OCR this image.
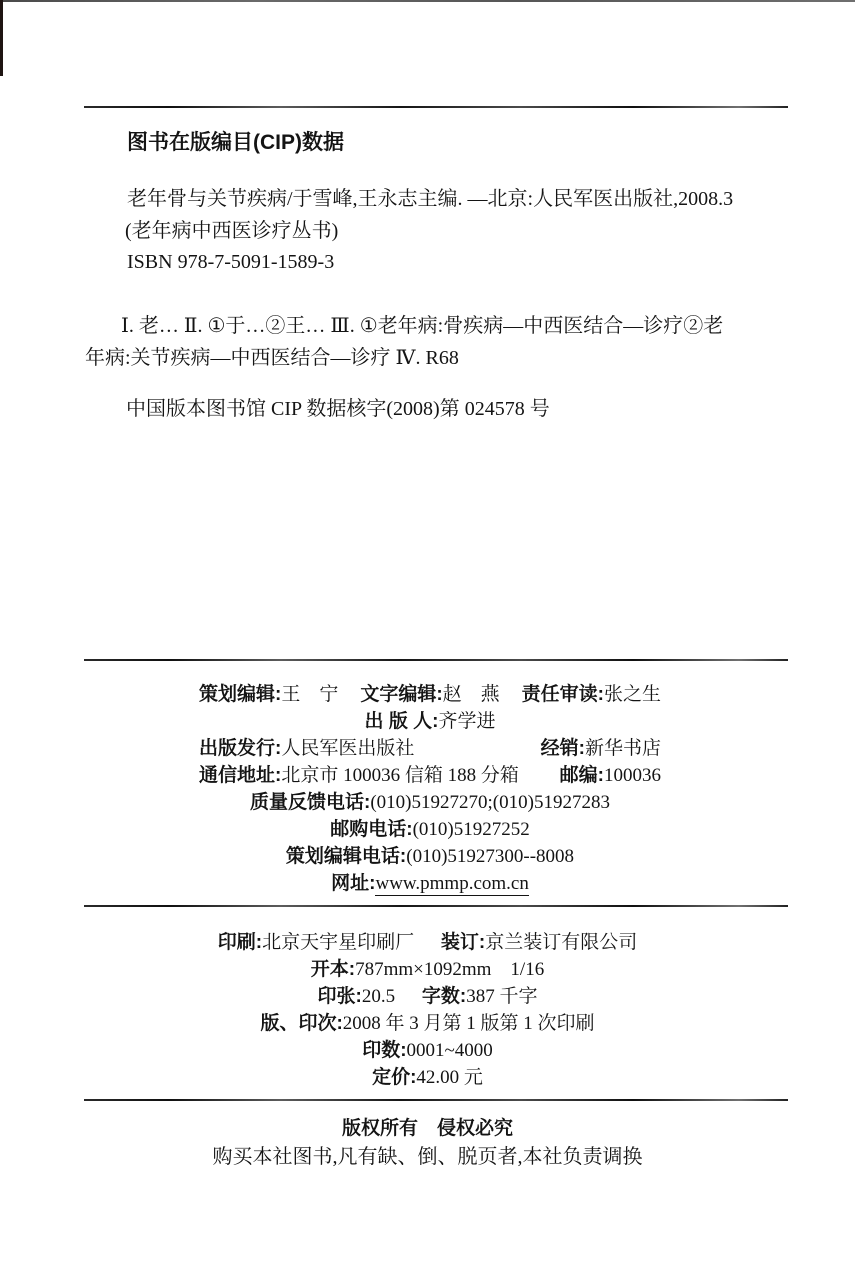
图书在版编目(CIP)数据
老年骨与关节疾病/于雪峰,王永志主编. —北京:人民军医出版社,2008.3
(老年病中西医诊疗丛书)
ISBN 978-7-5091-1589-3
Ⅰ. 老… Ⅱ. ①于…②王… Ⅲ. ①老年病:骨疾病—中西医结合—诊疗②老
年病:关节疾病—中西医结合—诊疗 Ⅳ. R68
中国版本图书馆 CIP 数据核字(2008)第 024578 号
策划编辑:王　宁 文字编辑:赵　燕 责任审读:张之生
出 版 人:齐学进
出版发行:人民军医出版社	经销:新华书店
通信地址:北京市 100036 信箱 188 分箱 邮编:100036
质量反馈电话:(010)51927270;(010)51927283
邮购电话:(010)51927252
策划编辑电话:(010)51927300--8008
网址:www.pmmp.com.cn
印刷:北京天宇星印刷厂 装订:京兰装订有限公司
开本:787mm×1092mm　1/16
印张:20.5 字数:387 千字
版、印次:2008 年 3 月第 1 版第 1 次印刷
印数:0001~4000
定价:42.00 元
版权所有　侵权必究
购买本社图书,凡有缺、倒、脱页者,本社负责调换
